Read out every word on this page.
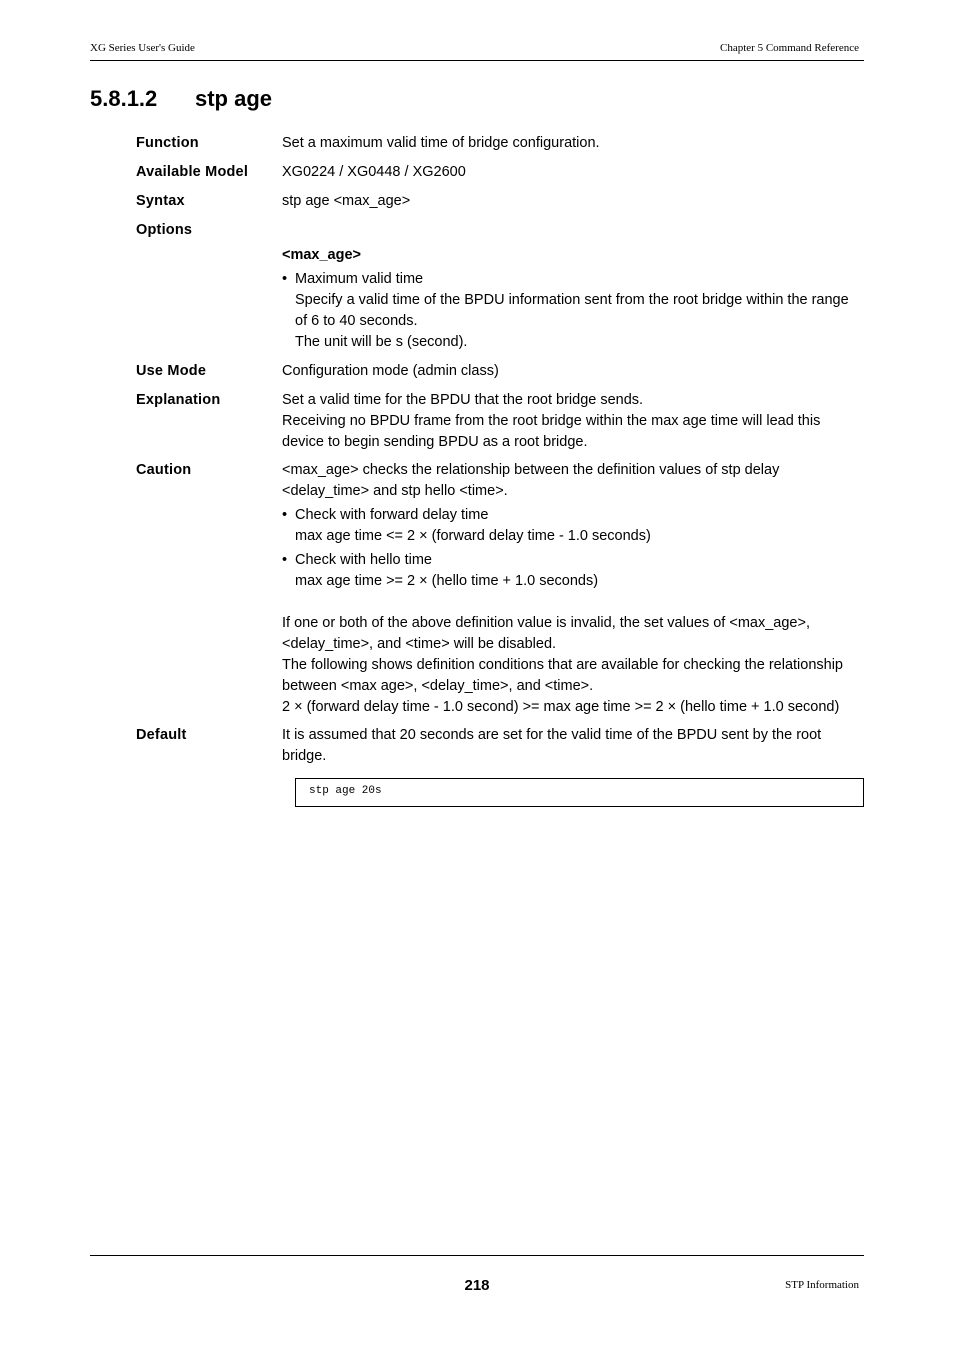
XG Series User's Guide	Chapter 5 Command Reference
5.8.1.2 stp age
Function	Set a maximum valid time of bridge configuration.
Available Model	XG0224 / XG0448 / XG2600
Syntax	stp age <max_age>
Options
<max_age>
• Maximum valid time
Specify a valid time of the BPDU information sent from the root bridge within the range
of 6 to 40 seconds.
The unit will be s (second).
Use Mode	Configuration mode (admin class)
Explanation	Set a valid time for the BPDU that the root bridge sends.
Receiving no BPDU frame from the root bridge within the max age time will lead this
device to begin sending BPDU as a root bridge.
Caution	<max_age> checks the relationship between the definition values of stp delay
<delay_time> and stp hello <time>.
• Check with forward delay time
max age time <= 2 × (forward delay time - 1.0 seconds)
• Check with hello time
max age time >= 2 × (hello time + 1.0 seconds)
If one or both of the above definition value is invalid, the set values of <max_age>,
<delay_time>, and <time> will be disabled.
The following shows definition conditions that are available for checking the relationship
between <max age>, <delay_time>, and <time>.
2 × (forward delay time - 1.0 second) >= max age time >= 2 × (hello time + 1.0 second)
Default	It is assumed that 20 seconds are set for the valid time of the BPDU sent by the root
bridge.
stp age 20s
218	STP Information
